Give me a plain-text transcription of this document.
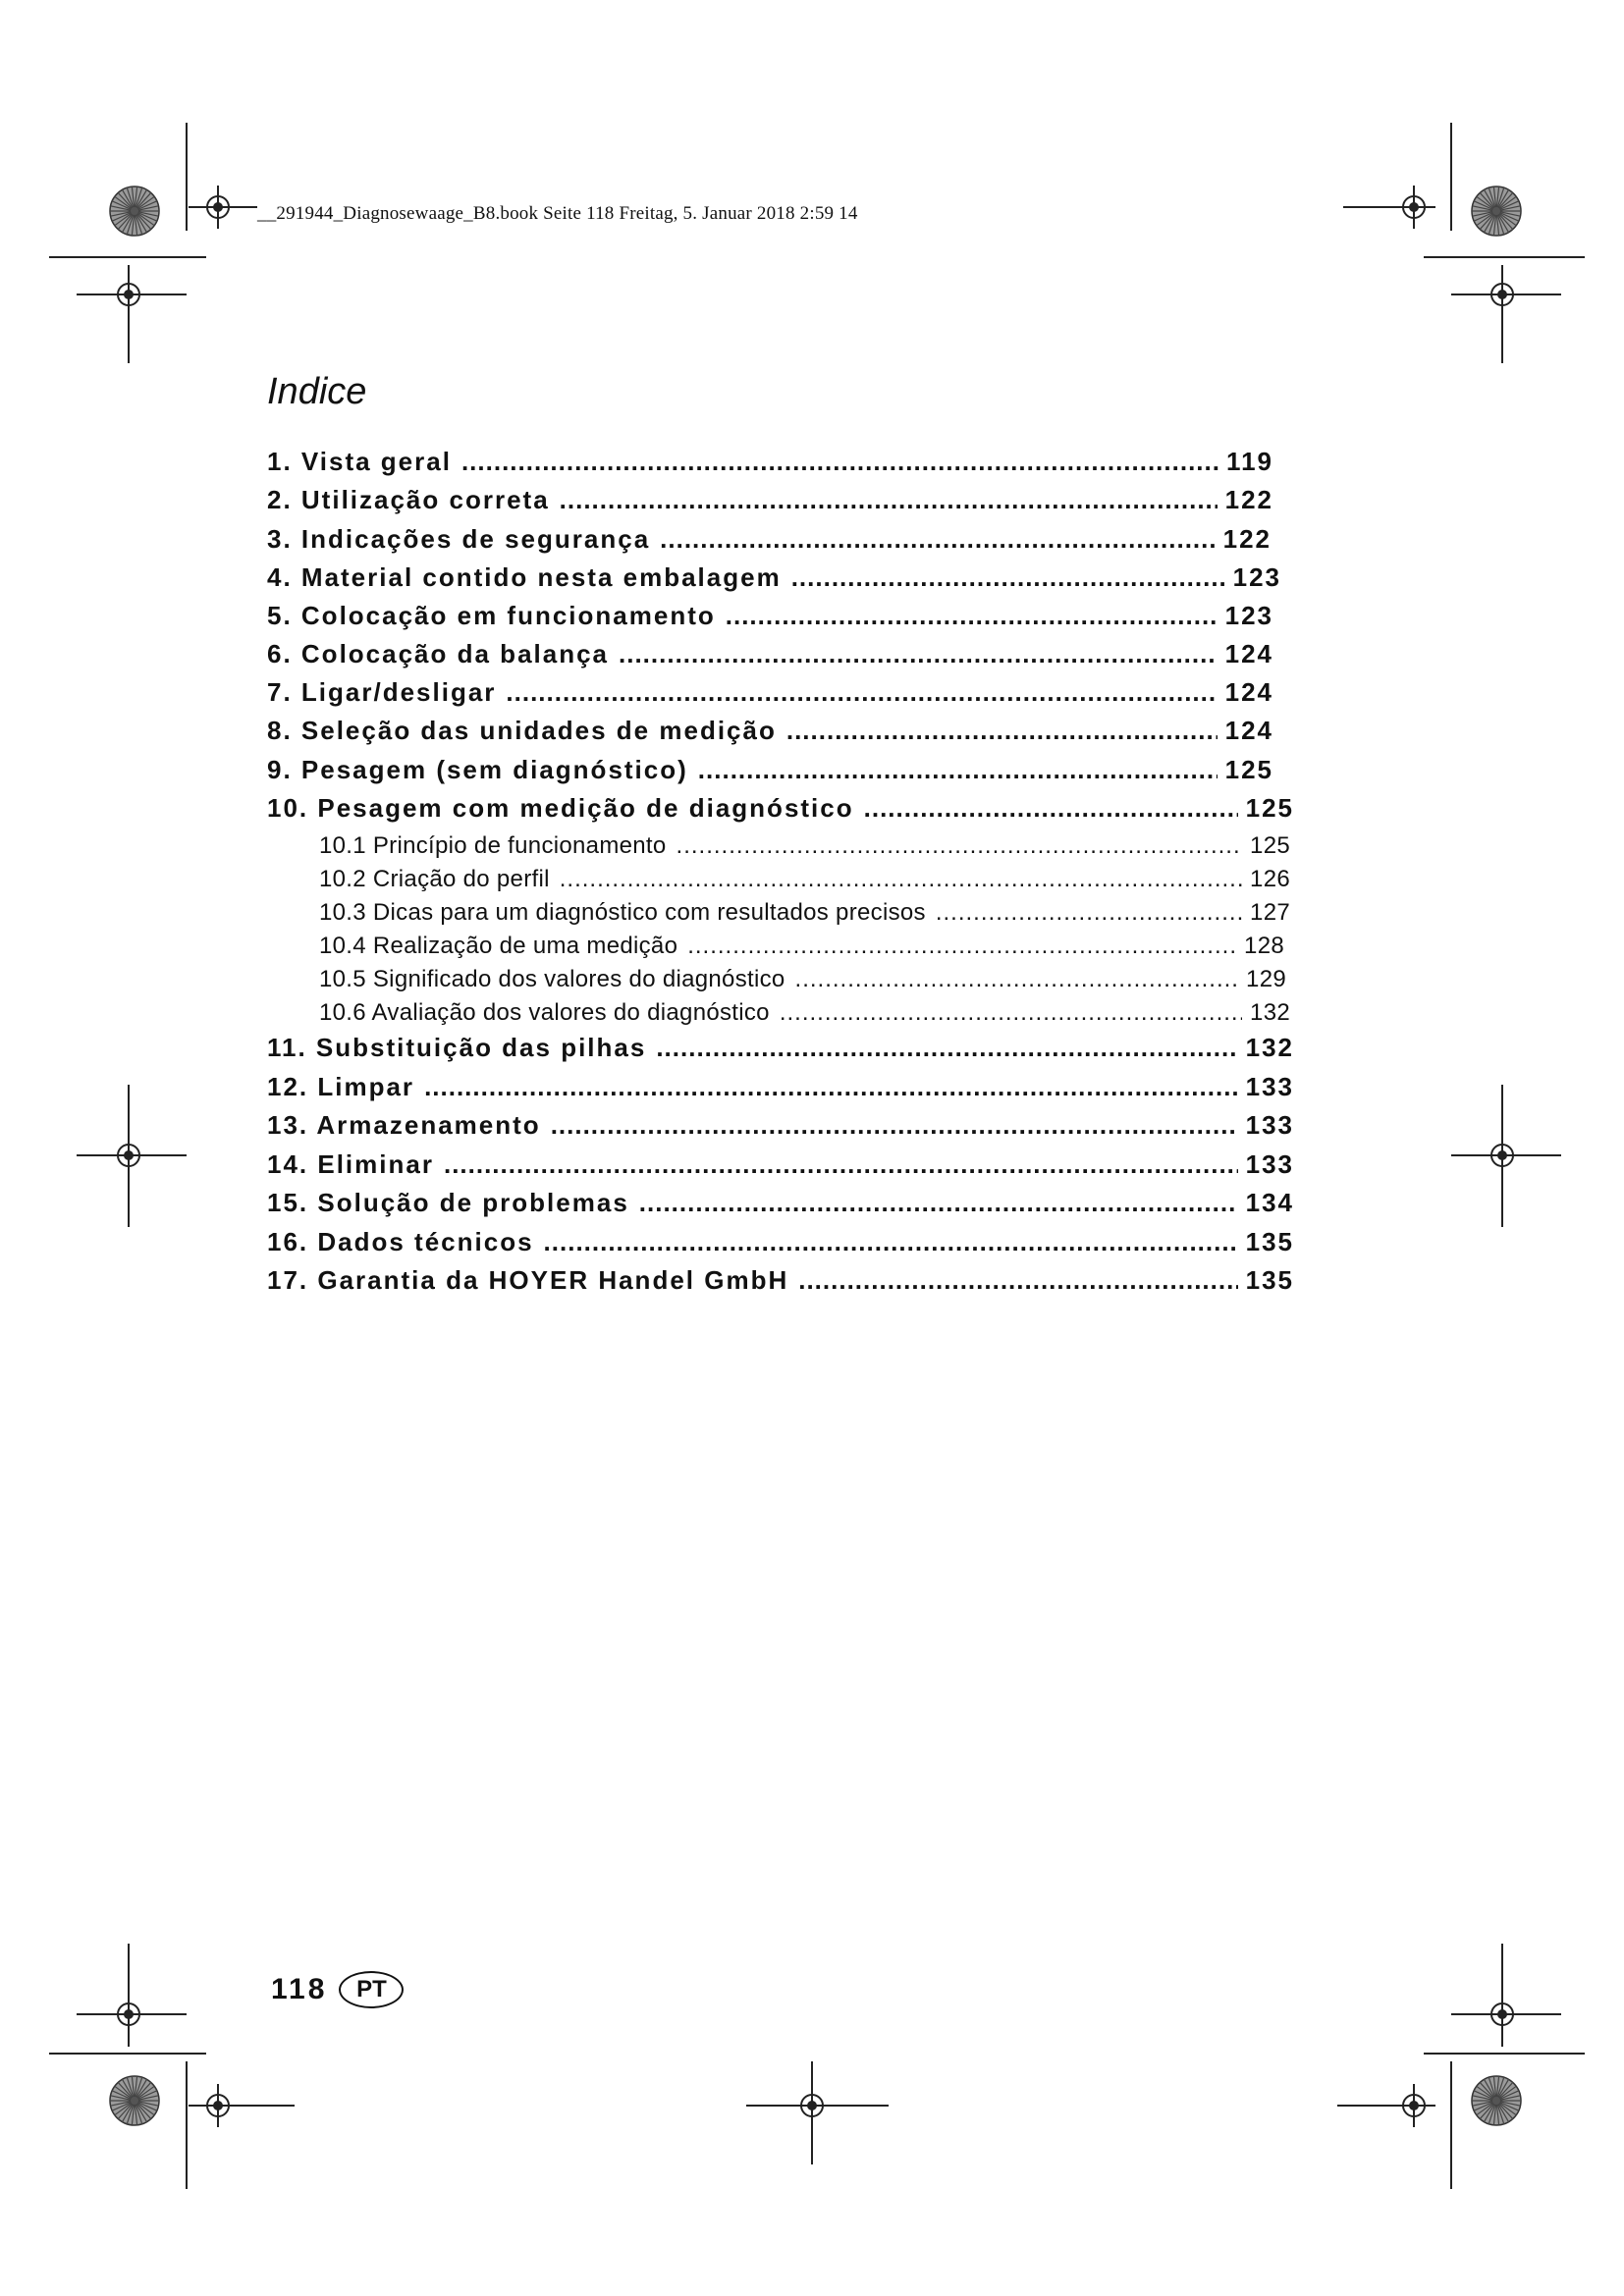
__291944_Diagnosewaage_B8.book Seite 118 Freitag, 5. Januar 2018 2:59 14
Indice
1. Vista geral .....	119
2. Utilização correta .....	122
3. Indicações de segurança .....	122
4. Material contido nesta embalagem .....	123
5. Colocação em funcionamento .....	123
6. Colocação da balança .....	124
7. Ligar/desligar .....	124
8. Seleção das unidades de medição .....	124
9. Pesagem (sem diagnóstico) .....	125
10. Pesagem com medição de diagnóstico .....	125
10.1 Princípio de funcionamento .....	125
10.2 Criação do perfil .....	126
10.3 Dicas para um diagnóstico com resultados precisos .....	127
10.4 Realização de uma medição .....	128
10.5 Significado dos valores do diagnóstico .....	129
10.6 Avaliação dos valores do diagnóstico .....	132
11. Substituição das pilhas .....	132
12. Limpar .....	133
13. Armazenamento .....	133
14. Eliminar .....	133
15. Solução de problemas .....	134
16. Dados técnicos .....	135
17. Garantia da HOYER Handel GmbH .....	135
118	PT
